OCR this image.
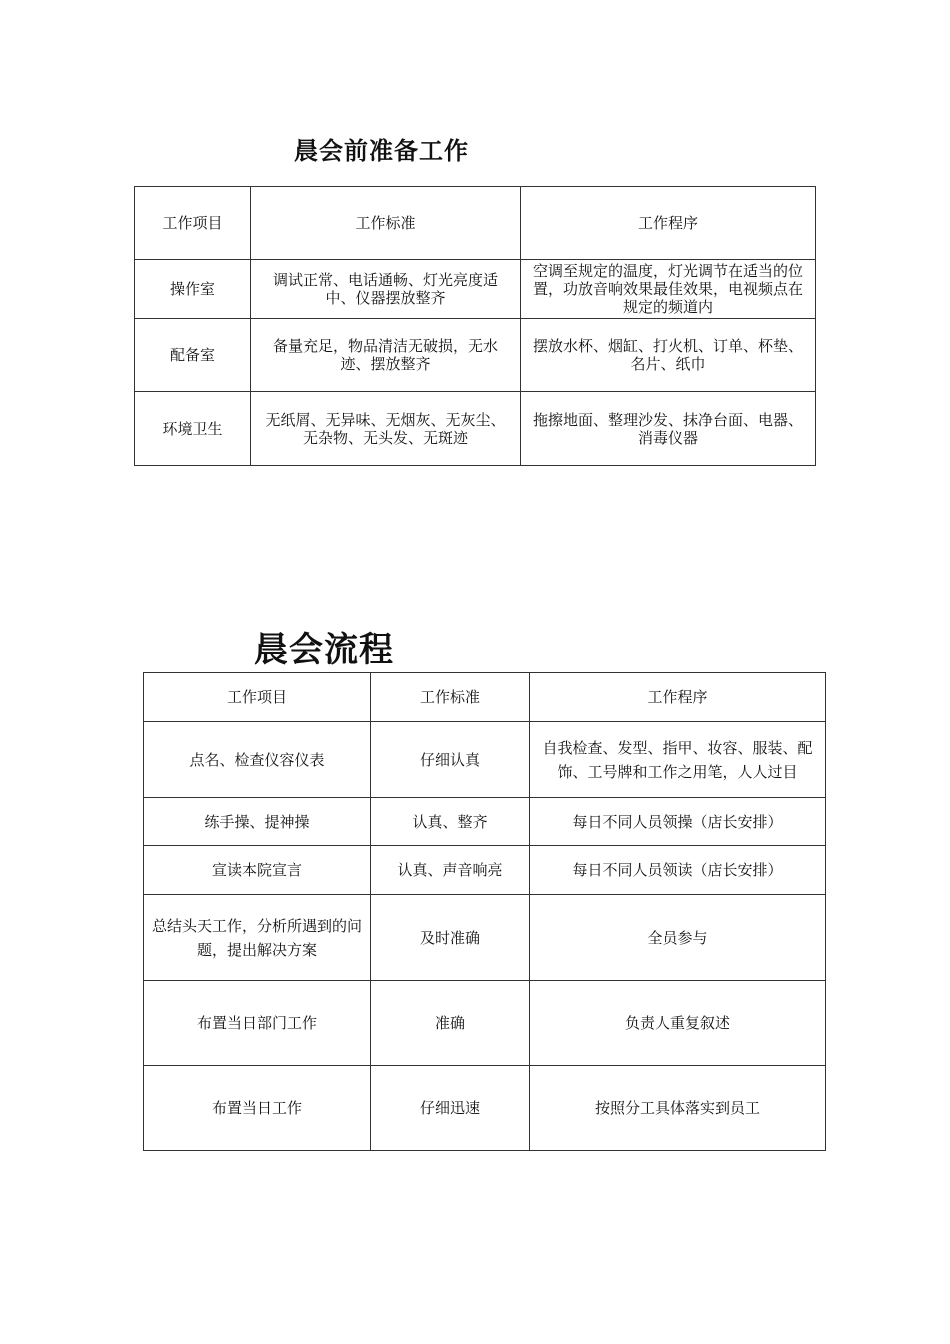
晨会前准备工作
工作项目	工作标准	工作程序
操作室	调试正常、电话通畅、灯光亮度适中、仪器摆放整齐	空调至规定的温度，灯光调节在适当的位置，功放音响效果最佳效果，电视频点在规定的频道内
配备室	备量充足，物品清洁无破损，无水迹、摆放整齐	摆放水杯、烟缸、打火机、订单、杯垫、名片、纸巾
环境卫生	无纸屑、无异味、无烟灰、无灰尘、无杂物、无头发、无斑迹	拖擦地面、整理沙发、抹净台面、电器、消毒仪器
晨会流程
工作项目	工作标准	工作程序
点名、检查仪容仪表	仔细认真	自我检查、发型、指甲、妆容、服装、配饰、工号牌和工作之用笔，人人过目
练手操、提神操	认真、整齐	每日不同人员领操（店长安排）
宣读本院宣言	认真、声音响亮	每日不同人员领读（店长安排）
总结头天工作，分析所遇到的问题，提出解决方案	及时准确	全员参与
布置当日部门工作	准确	负责人重复叙述
布置当日工作	仔细迅速	按照分工具体落实到员工
